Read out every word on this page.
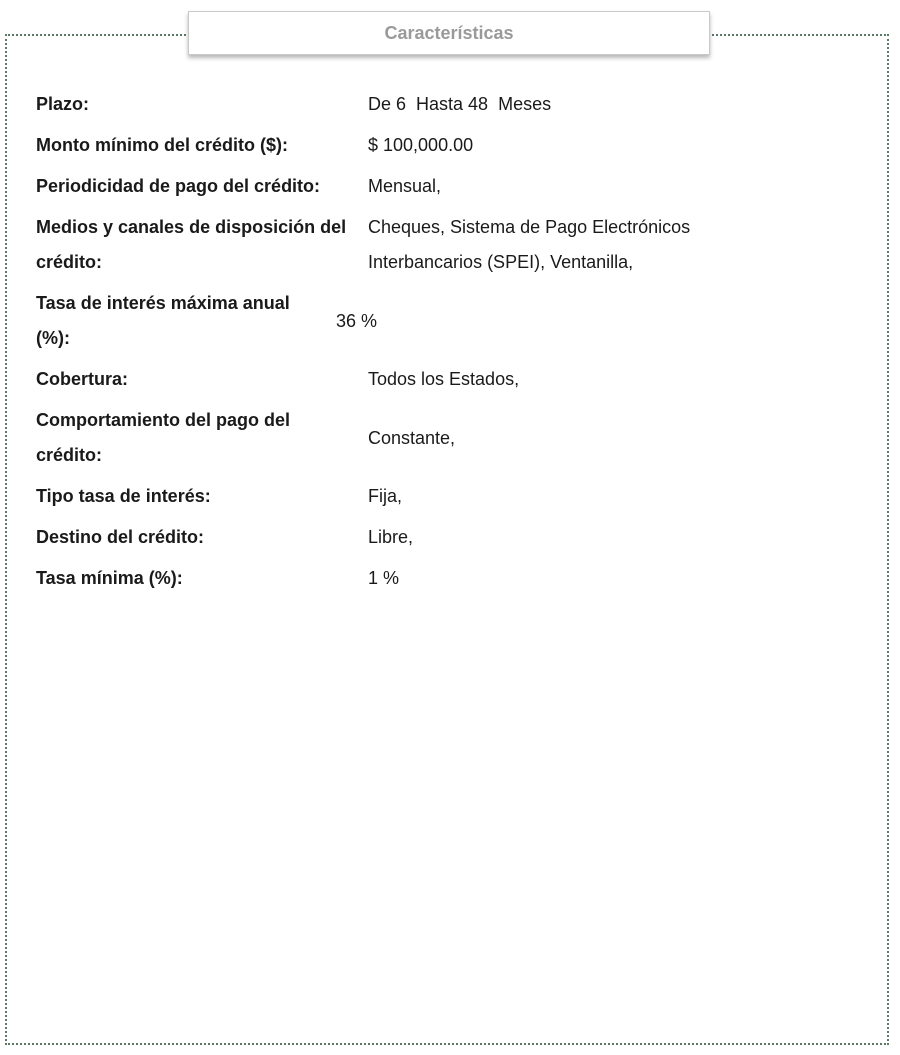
Características
Plazo:	De 6  Hasta 48  Meses
Monto mínimo del crédito ($):	$ 100,000.00
Periodicidad de pago del crédito:	Mensual,
Medios y canales de disposición del crédito:
Cheques, Sistema de Pago Electrónicos Interbancarios (SPEI), Ventanilla,
Tasa de interés máxima anual (%):
36 %
Cobertura:	Todos los Estados,
Comportamiento del pago del crédito:
Constante,
Tipo tasa de interés:	Fija,
Destino del crédito:	Libre,
Tasa mínima (%):	1 %
